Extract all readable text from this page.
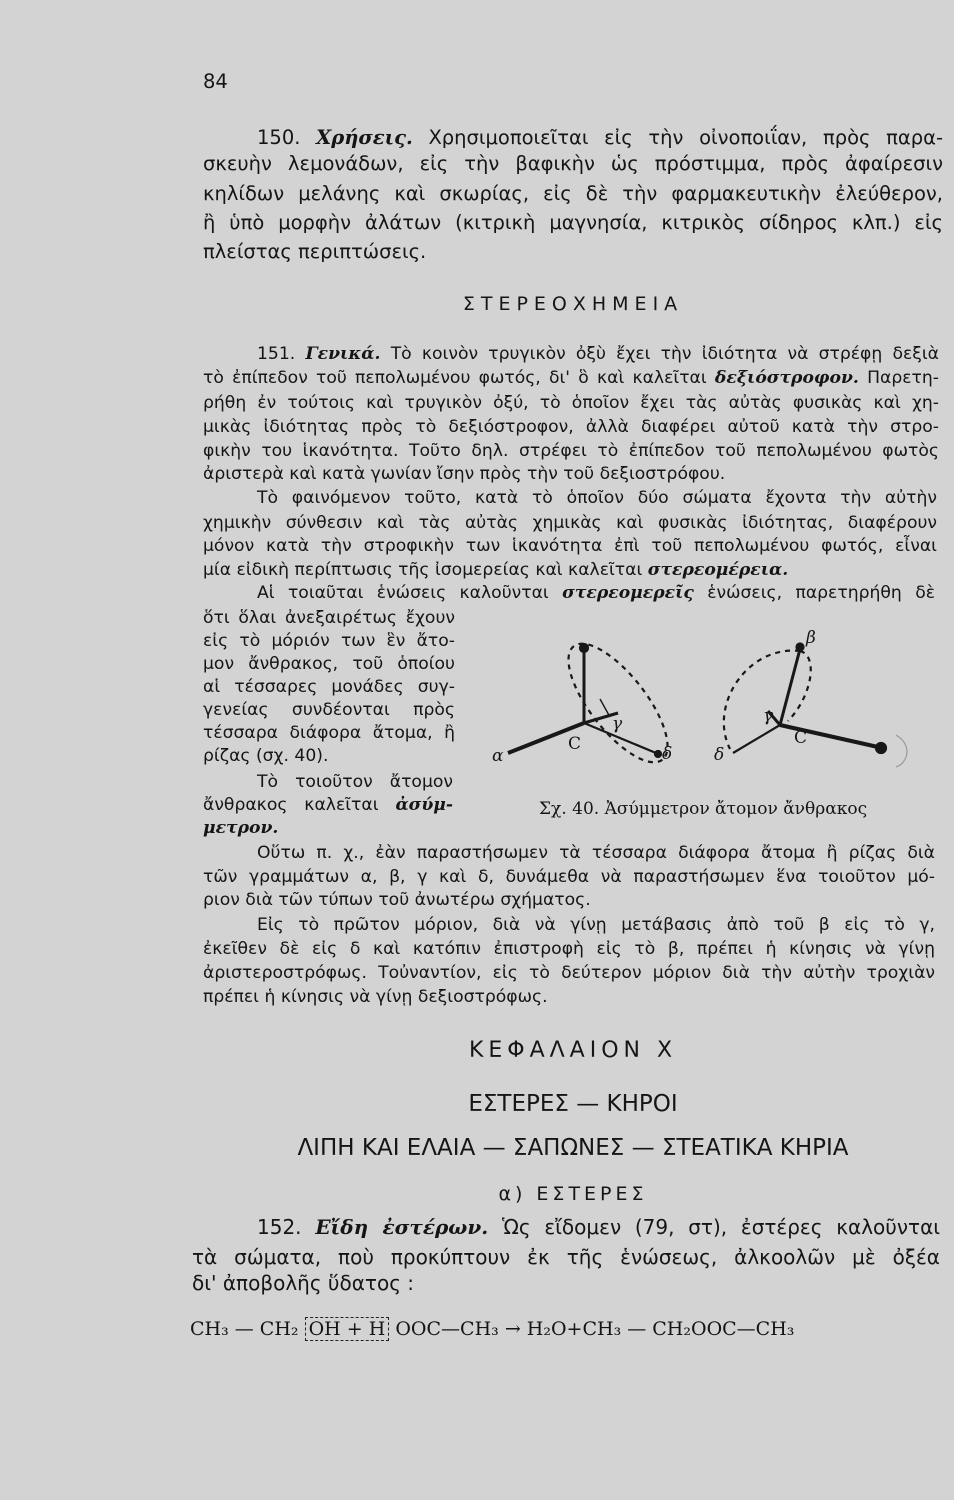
84
150. Χρήσεις. Χρησιμοποιεῖται εἰς τὴν οἰνοποιΐαν, πρὸς παρα-
σκευὴν λεμονάδων, εἰς τὴν βαφικὴν ὡς πρόστιμμα, πρὸς ἀφαίρεσιν
κηλίδων μελάνης καὶ σκωρίας, εἰς δὲ τὴν φαρμακευτικὴν ἐλεύθερον,
ἢ ὑπὸ μορφὴν ἀλάτων (κιτρικὴ μαγνησία, κιτρικὸς σίδηρος κλπ.) εἰς
πλείστας περιπτώσεις.
ΣΤΕΡΕΟΧΗΜΕΙΑ
151. Γενικά. Τὸ κοινὸν τρυγικὸν ὀξὺ ἔχει τὴν ἰδιότητα νὰ στρέφῃ δεξιὰ
τὸ ἐπίπεδον τοῦ πεπολωμένου φωτός, δι' ὃ καὶ καλεῖται δεξιόστροφον. Παρετη-
ρήθη ἐν τούτοις καὶ τρυγικὸν ὀξύ, τὸ ὁποῖον ἔχει τὰς αὐτὰς φυσικὰς καὶ χη-
μικὰς ἰδιότητας πρὸς τὸ δεξιόστροφον, ἀλλὰ διαφέρει αὐτοῦ κατὰ τὴν στρο-
φικὴν του ἱκανότητα. Τοῦτο δηλ. στρέφει τὸ ἐπίπεδον τοῦ πεπολωμένου φωτὸς
ἀριστερὰ καὶ κατὰ γωνίαν ἴσην πρὸς τὴν τοῦ δεξιοστρόφου.
Τὸ φαινόμενον τοῦτο, κατὰ τὸ ὁποῖον δύο σώματα ἔχοντα τὴν αὐτὴν
χημικὴν σύνθεσιν καὶ τὰς αὐτὰς χημικὰς καὶ φυσικὰς ἰδιότητας, διαφέρουν
μόνον κατὰ τὴν στροφικὴν των ἱκανότητα ἐπὶ τοῦ πεπολωμένου φωτός, εἶναι
μία εἰδικὴ περίπτωσις τῆς ἰσομερείας καὶ καλεῖται στερεομέρεια.
Αἱ τοιαῦται ἑνώσεις καλοῦνται στερεομερεῖς ἑνώσεις, παρετηρήθη δὲ
ὅτι ὅλαι ἀνεξαιρέτως ἔχουν
εἰς τὸ μόριόν των ἓν ἄτο-
μον ἄνθρακος, τοῦ ὁποίου
αἱ τέσσαρες μονάδες συγ-
γενείας συνδέονται πρὸς
τέσσαρα διάφορα ἄτομα, ἢ
ρίζας (σχ. 40).
Τὸ τοιοῦτον ἄτομον
ἄνθρακος καλεῖται ἀσύμ-
μετρον.
α
C
γ
δ
β
γ
C
δ
Σχ. 40. Ἀσύμμετρον ἄτομον ἄνθρακος
Οὕτω π. χ., ἐὰν παραστήσωμεν τὰ τέσσαρα διάφορα ἄτομα ἢ ρίζας διὰ
τῶν γραμμάτων α, β, γ καὶ δ, δυνάμεθα νὰ παραστήσωμεν ἕνα τοιοῦτον μό-
ριον διὰ τῶν τύπων τοῦ ἀνωτέρω σχήματος.
Εἰς τὸ πρῶτον μόριον, διὰ νὰ γίνῃ μετάβασις ἀπὸ τοῦ β εἰς τὸ γ,
ἐκεῖθεν δὲ εἰς δ καὶ κατόπιν ἐπιστροφὴ εἰς τὸ β, πρέπει ἡ κίνησις νὰ γίνῃ
ἀριστεροστρόφως. Τοὐναντίον, εἰς τὸ δεύτερον μόριον διὰ τὴν αὐτὴν τροχιὰν
πρέπει ἡ κίνησις νὰ γίνῃ δεξιοστρόφως.
ΚΕΦΑΛΑΙΟΝ Χ
ΕΣΤΕΡΕΣ — ΚΗΡΟΙ
ΛΙΠΗ ΚΑΙ ΕΛΑΙΑ — ΣΑΠΩΝΕΣ — ΣΤΕΑΤΙΚΑ ΚΗΡΙΑ
α) ΕΣΤΕΡΕΣ
152. Εἴδη ἐστέρων. Ὡς εἴδομεν (79, στ), ἐστέρες καλοῦνται
τὰ σώματα, ποὺ προκύπτουν ἐκ τῆς ἑνώσεως, ἀλκοολῶν μὲ ὀξέα
δι' ἀποβολῆς ὕδατος :
CH₃ — CH₂ OH + H OOC—CH₃ → H₂O+CH₃ — CH₂OOC—CH₃
